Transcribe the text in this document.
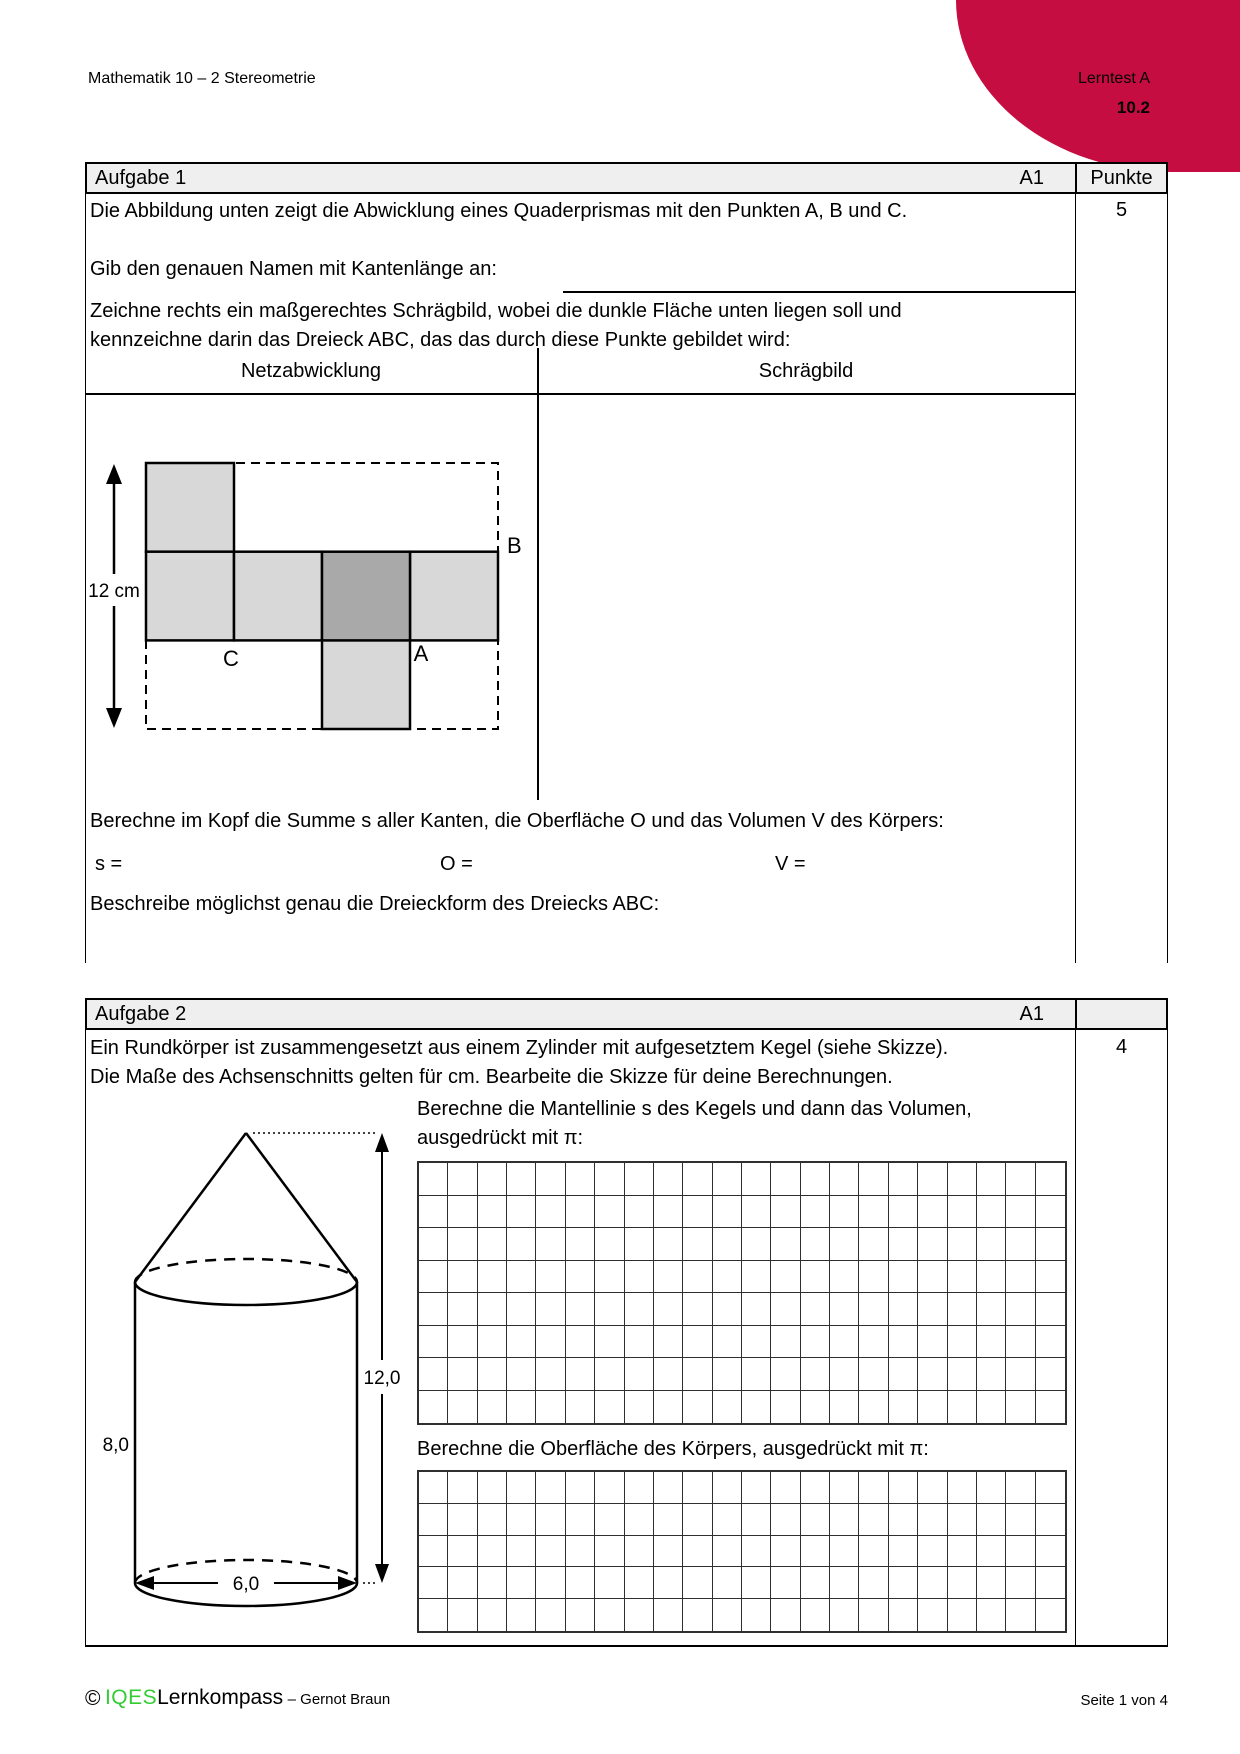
Mathematik 10 – 2 Stereometrie	Lerntest A
10.2
Aufgabe 1	A1	Punkte
Die Abbildung unten zeigt die Abwicklung eines Quaderprismas mit den Punkten A, B und C.	5
Gib den genauen Namen mit Kantenlänge an:
Zeichne rechts ein maßgerechtes Schrägbild, wobei die dunkle Fläche unten liegen soll und
kennzeichne darin das Dreieck ABC, das das durch diese Punkte gebildet wird:
Netzabwicklung	Schrägbild
12 cm
B
C	A
Berechne im Kopf die Summe s aller Kanten, die Oberfläche O und das Volumen V des Körpers:
s =	O =	V =
Beschreibe möglichst genau die Dreieckform des Dreiecks ABC:
Aufgabe 2	A1
Ein Rundkörper ist zusammengesetzt aus einem Zylinder mit aufgesetztem Kegel (siehe Skizze).
Die Maße des Achsenschnitts gelten für cm. Bearbeite die Skizze für deine Berechnungen.
4
Berechne die Mantellinie s des Kegels und dann das Volumen,
ausgedrückt mit π:
12,0
6,0
8,0	Berechne die Oberfläche des Körpers, ausgedrückt mit π:
© IQESLernkompass – Gernot Braun	Seite 1 von 4
